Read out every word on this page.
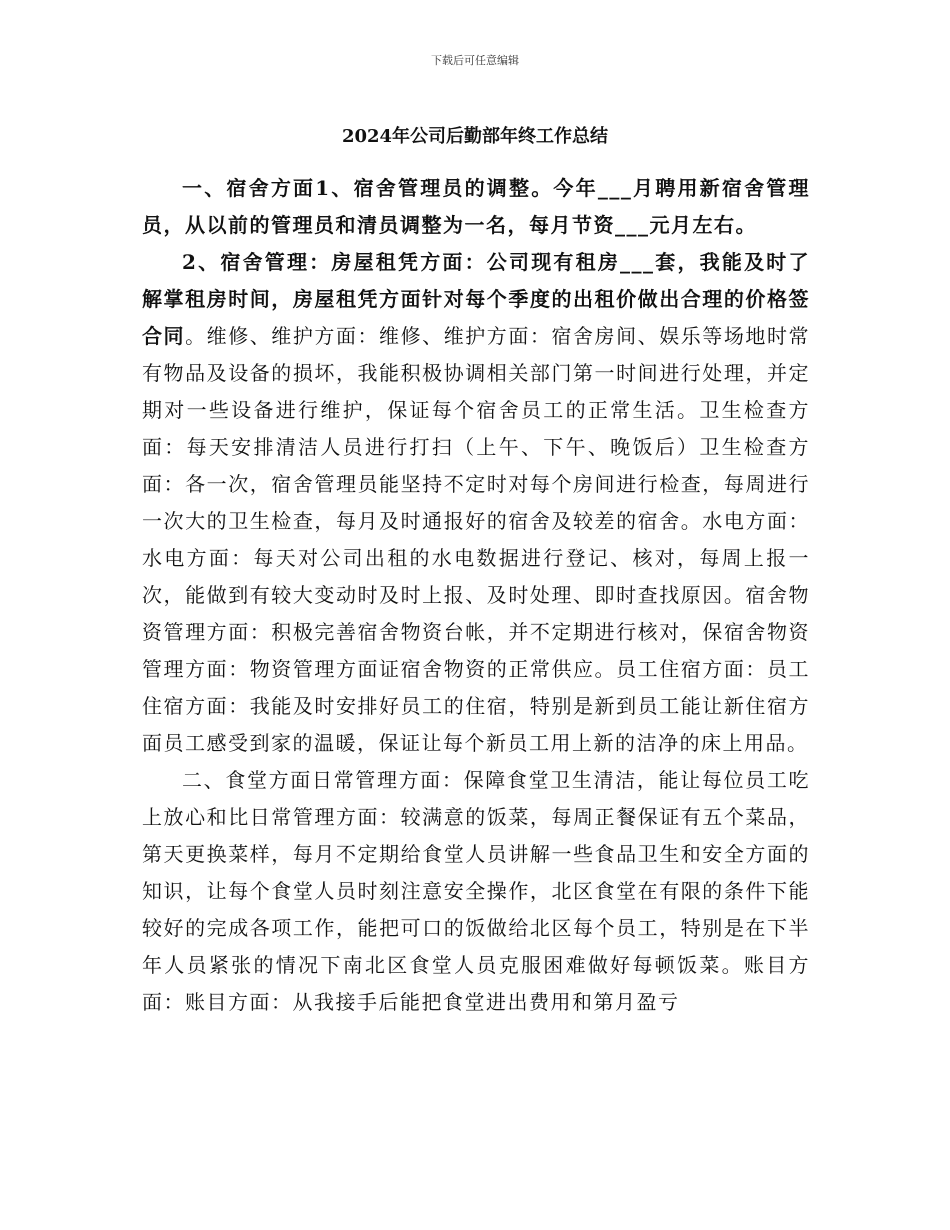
下载后可任意编辑
2024年公司后勤部年终工作总结

一、宿舍方面1、宿舍管理员的调整。今年___月聘用新宿舍管理员，从以前的管理员和清员调整为一名，每月节资___元月左右。

2、宿舍管理：房屋租凭方面：公司现有租房___套，我能及时了解掌租房时间，房屋租凭方面针对每个季度的出租价做出合理的价格签合同。维修、维护方面：维修、维护方面：宿舍房间、娱乐等场地时常有物品及设备的损坏，我能积极协调相关部门第一时间进行处理，并定期对一些设备进行维护，保证每个宿舍员工的正常生活。卫生检查方面：每天安排清洁人员进行打扫（上午、下午、晚饭后）卫生检查方面：各一次，宿舍管理员能坚持不定时对每个房间进行检查，每周进行一次大的卫生检查，每月及时通报好的宿舍及较差的宿舍。水电方面：水电方面：每天对公司出租的水电数据进行登记、核对，每周上报一次，能做到有较大变动时及时上报、及时处理、即时查找原因。宿舍物资管理方面：积极完善宿舍物资台帐，并不定期进行核对，保宿舍物资管理方面：物资管理方面证宿舍物资的正常供应。员工住宿方面：员工住宿方面：我能及时安排好员工的住宿，特别是新到员工能让新住宿方面员工感受到家的温暖，保证让每个新员工用上新的洁净的床上用品。

二、食堂方面日常管理方面：保障食堂卫生清洁，能让每位员工吃上放心和比日常管理方面：较满意的饭菜，每周正餐保证有五个菜品，第天更换菜样，每月不定期给食堂人员讲解一些食品卫生和安全方面的知识，让每个食堂人员时刻注意安全操作，北区食堂在有限的条件下能较好的完成各项工作，能把可口的饭做给北区每个员工，特别是在下半年人员紧张的情况下南北区食堂人员克服困难做好每顿饭菜。账目方面：账目方面：从我接手后能把食堂进出费用和第月盈亏
